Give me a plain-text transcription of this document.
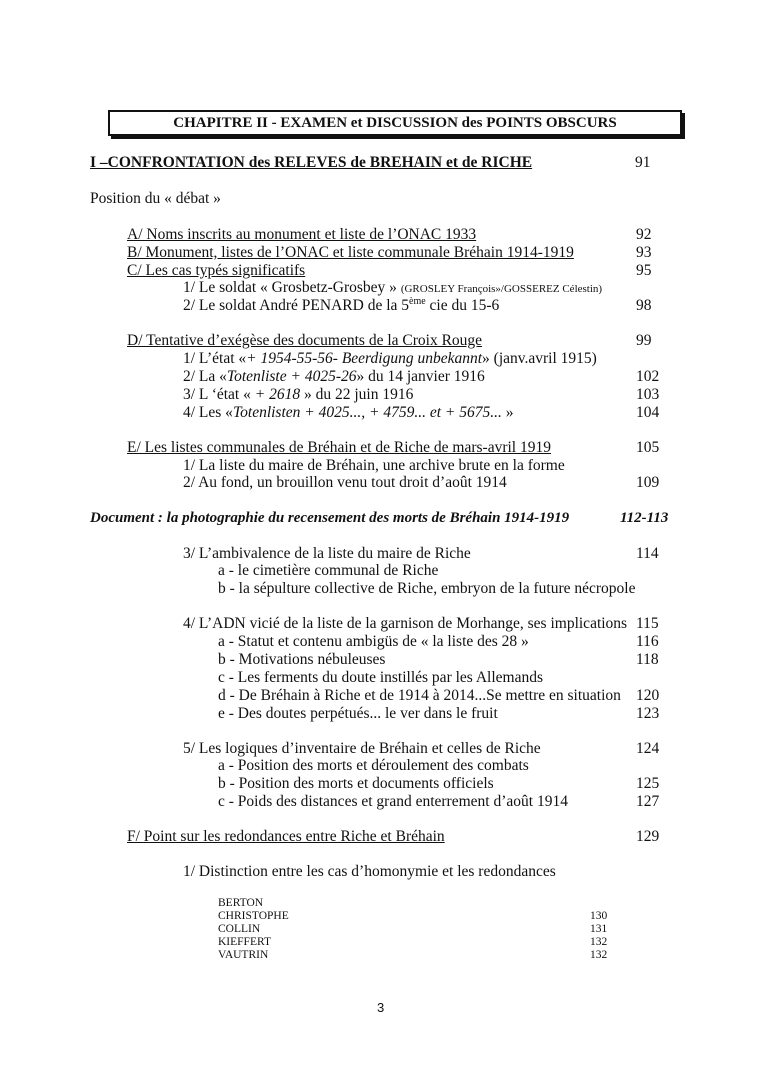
CHAPITRE II - EXAMEN et DISCUSSION des POINTS OBSCURS
I –CONFRONTATION des RELEVES de BREHAIN et de RICHE	91
Position du « débat »
A/ Noms inscrits au monument et liste de l’ONAC 1933	92
B/ Monument, listes de l’ONAC et liste communale Bréhain 1914-1919	93
C/ Les cas typés significatifs	95
1/ Le soldat « Grosbetz-Grosbey » (GROSLEY François»/GOSSEREZ Célestin)
2/ Le soldat André PENARD de la 5ème cie du 15-6	98
D/ Tentative d’exégèse des documents de la Croix Rouge	99
1/ L’état «+ 1954-55-56- Beerdigung unbekannt» (janv.avril 1915)
2/ La «Totenliste + 4025-26» du 14 janvier 1916	102
3/ L ‘état « + 2618 » du 22 juin 1916	103
4/ Les «Totenlisten + 4025..., + 4759... et + 5675... »	104
E/ Les listes communales de Bréhain et de Riche de mars-avril 1919	105
1/ La liste du maire de Bréhain, une archive brute en la forme
2/ Au fond, un brouillon venu tout droit d’août 1914	109
Document : la photographie du recensement des morts de Bréhain 1914-1919	112-113
3/ L’ambivalence de la liste du maire de Riche	114
a - le cimetière communal de Riche
b - la sépulture collective de Riche, embryon de la future nécropole
4/ L’ADN vicié de la liste de la garnison de Morhange, ses implications 115
a - Statut et contenu ambigüs de « la liste des 28 »	116
b - Motivations nébuleuses	118
c - Les ferments du doute instillés par les Allemands
d - De Bréhain à Riche et de 1914 à 2014...Se mettre en situation 120
e - Des doutes perpétués... le ver dans le fruit	123
5/ Les logiques d’inventaire de Bréhain et celles de Riche	124
a - Position des morts et déroulement des combats
b - Position des morts et documents officiels	125
c - Poids des distances et grand enterrement d’août 1914	127
F/ Point sur les redondances entre Riche et Bréhain	129
1/ Distinction entre les cas d’homonymie et les redondances
BERTON
CHRISTOPHE	130
COLLIN	131
KIEFFERT	132
VAUTRIN	132
3
